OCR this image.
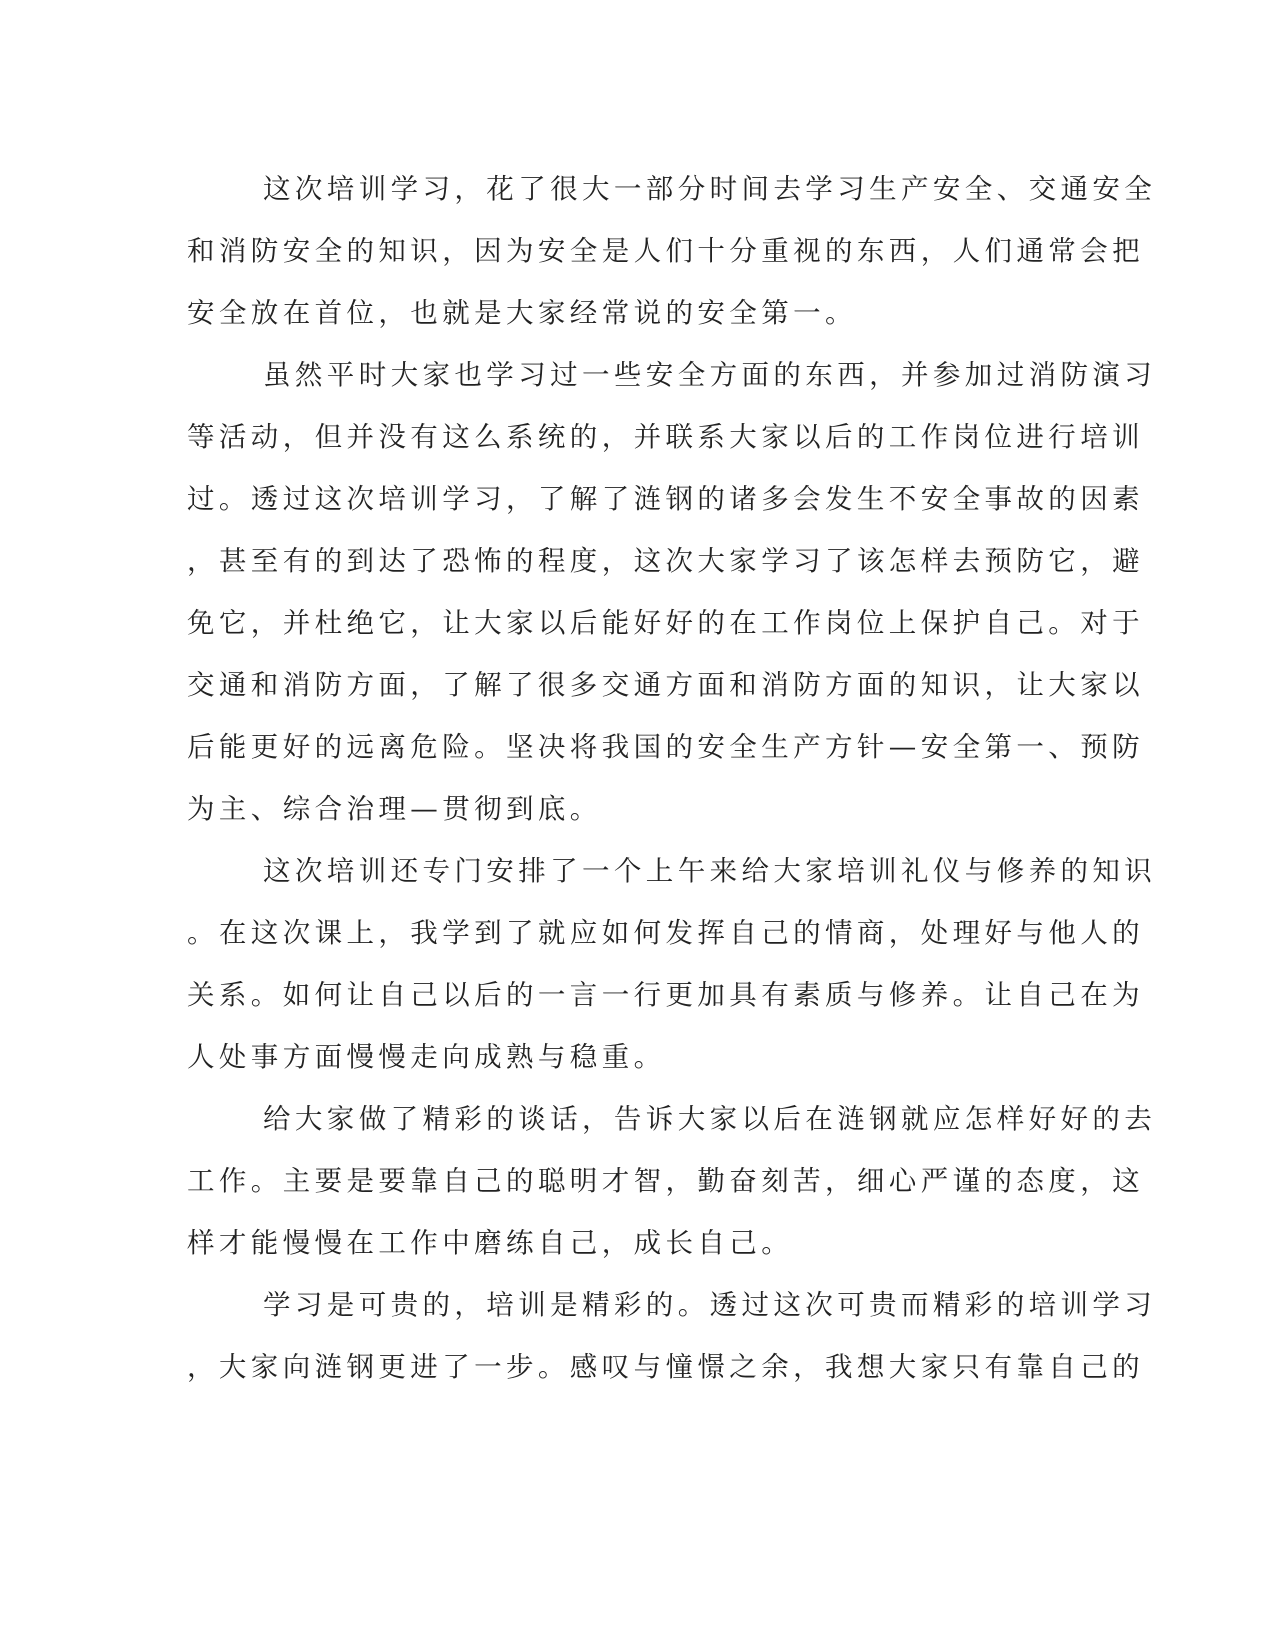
这次培训学习，花了很大一部分时间去学习生产安全、交通安全
和消防安全的知识，因为安全是人们十分重视的东西，人们通常会把
安全放在首位，也就是大家经常说的安全第一。
虽然平时大家也学习过一些安全方面的东西，并参加过消防演习
等活动，但并没有这么系统的，并联系大家以后的工作岗位进行培训
过。透过这次培训学习，了解了涟钢的诸多会发生不安全事故的因素
，甚至有的到达了恐怖的程度，这次大家学习了该怎样去预防它，避
免它，并杜绝它，让大家以后能好好的在工作岗位上保护自己。对于
交通和消防方面，了解了很多交通方面和消防方面的知识，让大家以
后能更好的远离危险。坚决将我国的安全生产方针—安全第一、预防
为主、综合治理—贯彻到底。
这次培训还专门安排了一个上午来给大家培训礼仪与修养的知识
。在这次课上，我学到了就应如何发挥自己的情商，处理好与他人的
关系。如何让自己以后的一言一行更加具有素质与修养。让自己在为
人处事方面慢慢走向成熟与稳重。
给大家做了精彩的谈话，告诉大家以后在涟钢就应怎样好好的去
工作。主要是要靠自己的聪明才智，勤奋刻苦，细心严谨的态度，这
样才能慢慢在工作中磨练自己，成长自己。
学习是可贵的，培训是精彩的。透过这次可贵而精彩的培训学习
，大家向涟钢更进了一步。感叹与憧憬之余，我想大家只有靠自己的
